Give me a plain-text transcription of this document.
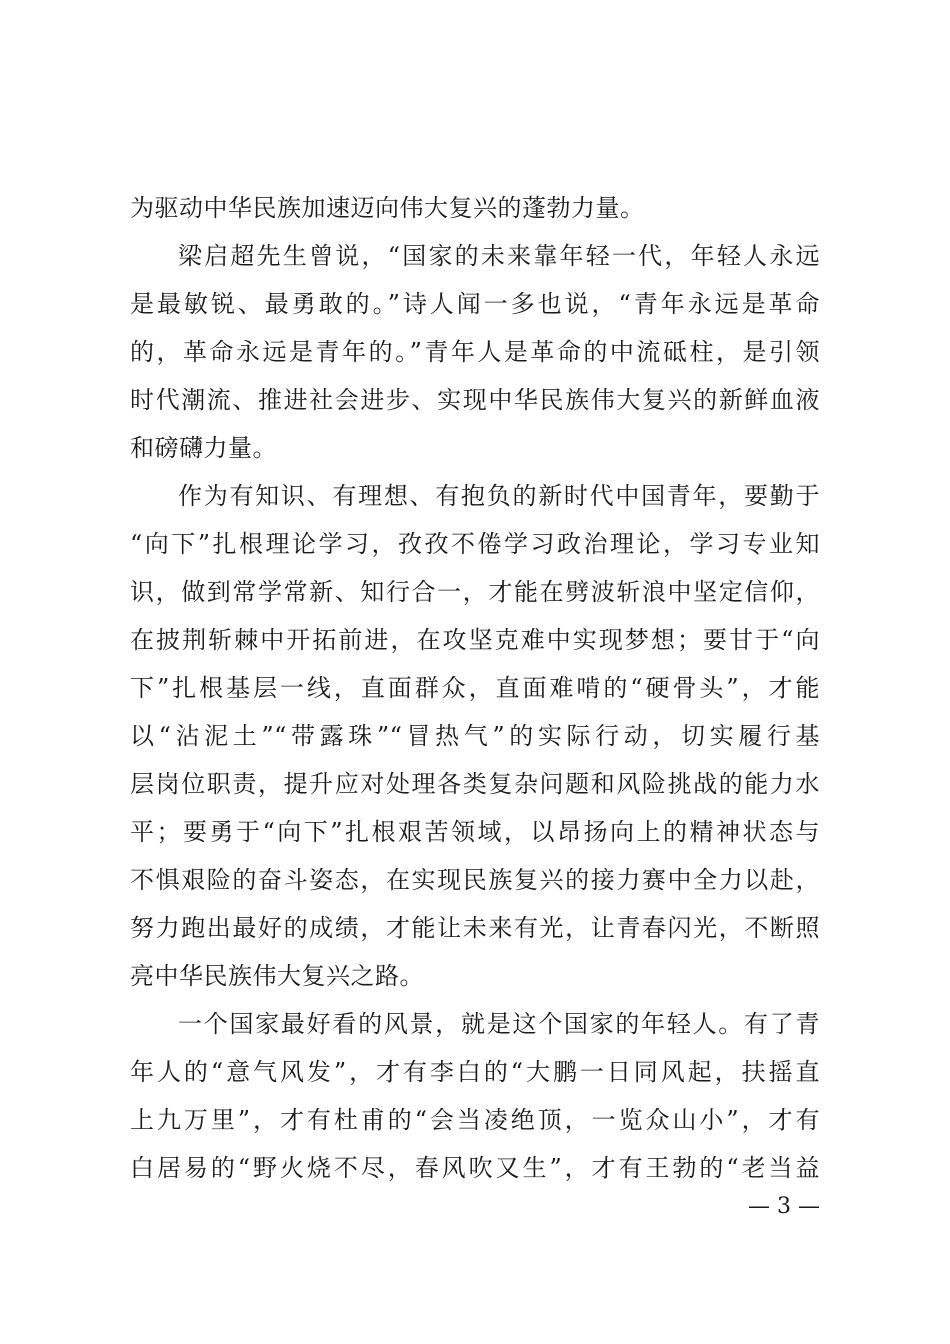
为驱动中华民族加速迈向伟大复兴的蓬勃力量。
梁启超先生曾说，“国家的未来靠年轻一代，年轻人永远
是最敏锐、最勇敢的。”诗人闻一多也说，“青年永远是革命
的，革命永远是青年的。”青年人是革命的中流砥柱，是引领
时代潮流、推进社会进步、实现中华民族伟大复兴的新鲜血液
和磅礴力量。
作为有知识、有理想、有抱负的新时代中国青年，要勤于
“向下”扎根理论学习，孜孜不倦学习政治理论，学习专业知
识，做到常学常新、知行合一，才能在劈波斩浪中坚定信仰，
在披荆斩棘中开拓前进，在攻坚克难中实现梦想；要甘于“向
下”扎根基层一线，直面群众，直面难啃的“硬骨头”，才能
以“沾泥土”“带露珠”“冒热气”的实际行动，切实履行基
层岗位职责，提升应对处理各类复杂问题和风险挑战的能力水
平；要勇于“向下”扎根艰苦领域，以昂扬向上的精神状态与
不惧艰险的奋斗姿态，在实现民族复兴的接力赛中全力以赴，
努力跑出最好的成绩，才能让未来有光，让青春闪光，不断照
亮中华民族伟大复兴之路。
一个国家最好看的风景，就是这个国家的年轻人。有了青
年人的“意气风发”，才有李白的“大鹏一日同风起，扶摇直
上九万里”，才有杜甫的“会当凌绝顶，一览众山小”，才有
白居易的“野火烧不尽，春风吹又生”，才有王勃的“老当益
— 3 —
